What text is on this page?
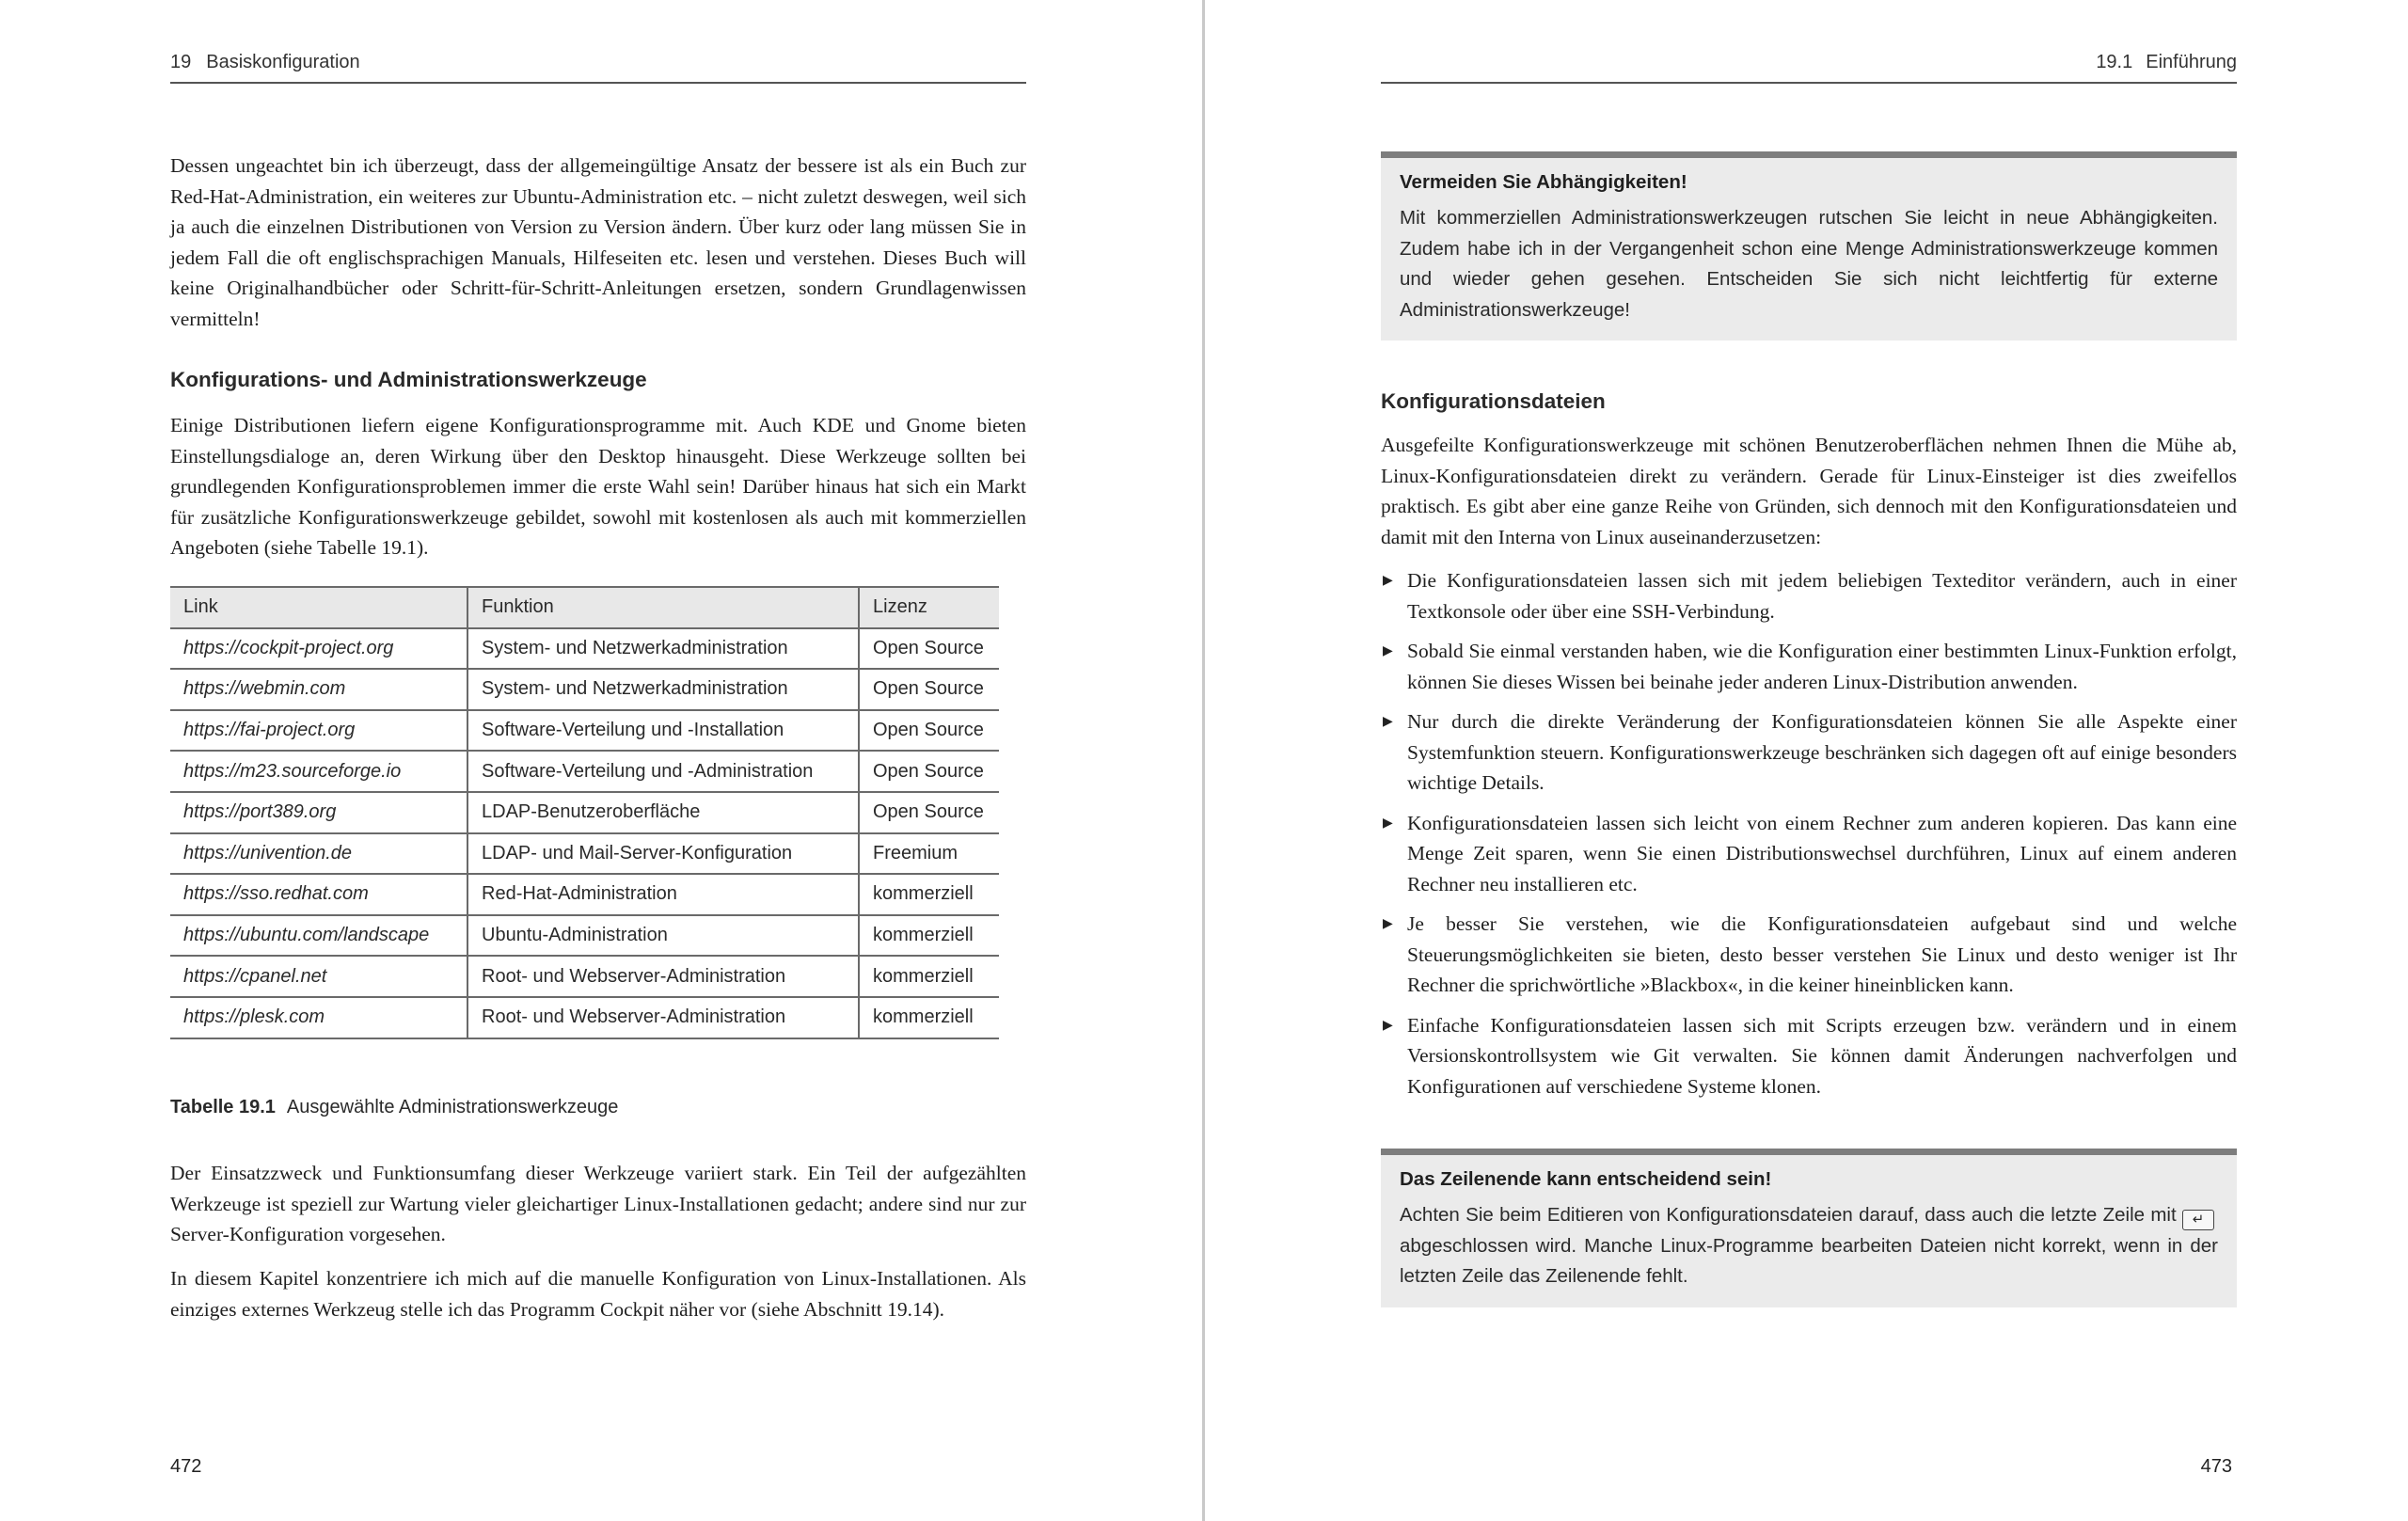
19 Basiskonfiguration

Dessen ungeachtet bin ich überzeugt, dass der allgemeingültige Ansatz der bessere ist als ein Buch zur Red-Hat-Administration, ein weiteres zur Ubuntu-Administration etc. – nicht zuletzt deswegen, weil sich ja auch die einzelnen Distributionen von Version zu Version ändern. Über kurz oder lang müssen Sie in jedem Fall die oft englischsprachigen Manuals, Hilfeseiten etc. lesen und verstehen. Dieses Buch will keine Originalhandbücher oder Schritt-für-Schritt-Anleitungen ersetzen, sondern Grundlagenwissen vermitteln!

Konfigurations- und Administrationswerkzeuge

Einige Distributionen liefern eigene Konfigurationsprogramme mit. Auch KDE und Gnome bieten Einstellungsdialoge an, deren Wirkung über den Desktop hinausgeht. Diese Werkzeuge sollten bei grundlegenden Konfigurationsproblemen immer die erste Wahl sein! Darüber hinaus hat sich ein Markt für zusätzliche Konfigurationswerkzeuge gebildet, sowohl mit kostenlosen als auch mit kommerziellen Angeboten (siehe Tabelle 19.1).

Link	Funktion	Lizenz
https://cockpit-project.org	System- und Netzwerkadministration	Open Source
https://webmin.com	System- und Netzwerkadministration	Open Source
https://fai-project.org	Software-Verteilung und -Installation	Open Source
https://m23.sourceforge.io	Software-Verteilung und -Administration	Open Source
https://port389.org	LDAP-Benutzeroberfläche	Open Source
https://univention.de	LDAP- und Mail-Server-Konfiguration	Freemium
https://sso.redhat.com	Red-Hat-Administration	kommerziell
https://ubuntu.com/landscape	Ubuntu-Administration	kommerziell
https://cpanel.net	Root- und Webserver-Administration	kommerziell
https://plesk.com	Root- und Webserver-Administration	kommerziell
Tabelle 19.1 Ausgewählte Administrationswerkzeuge

Der Einsatzzweck und Funktionsumfang dieser Werkzeuge variiert stark. Ein Teil der aufgezählten Werkzeuge ist speziell zur Wartung vieler gleichartiger Linux-Installationen gedacht; andere sind nur zur Server-Konfiguration vorgesehen.

In diesem Kapitel konzentriere ich mich auf die manuelle Konfiguration von Linux-Installationen. Als einziges externes Werkzeug stelle ich das Programm Cockpit näher vor (siehe Abschnitt 19.14).

472
19.1 Einführung

Vermeiden Sie Abhängigkeiten!

Mit kommerziellen Administrationswerkzeugen rutschen Sie leicht in neue Abhängigkeiten. Zudem habe ich in der Vergangenheit schon eine Menge Administrationswerkzeuge kommen und wieder gehen gesehen. Entscheiden Sie sich nicht leichtfertig für externe Administrationswerkzeuge!

Konfigurationsdateien

Ausgefeilte Konfigurationswerkzeuge mit schönen Benutzeroberflächen nehmen Ihnen die Mühe ab, Linux-Konfigurationsdateien direkt zu verändern. Gerade für Linux-Einsteiger ist dies zweifellos praktisch. Es gibt aber eine ganze Reihe von Gründen, sich dennoch mit den Konfigurationsdateien und damit mit den Interna von Linux auseinanderzusetzen:

▶ Die Konfigurationsdateien lassen sich mit jedem beliebigen Texteditor verändern, auch in einer Textkonsole oder über eine SSH-Verbindung.
▶ Sobald Sie einmal verstanden haben, wie die Konfiguration einer bestimmten Linux-Funktion erfolgt, können Sie dieses Wissen bei beinahe jeder anderen Linux-Distribution anwenden.
▶ Nur durch die direkte Veränderung der Konfigurationsdateien können Sie alle Aspekte einer Systemfunktion steuern. Konfigurationswerkzeuge beschränken sich dagegen oft auf einige besonders wichtige Details.
▶ Konfigurationsdateien lassen sich leicht von einem Rechner zum anderen kopieren. Das kann eine Menge Zeit sparen, wenn Sie einen Distributionswechsel durchführen, Linux auf einem anderen Rechner neu installieren etc.
▶ Je besser Sie verstehen, wie die Konfigurationsdateien aufgebaut sind und welche Steuerungsmöglichkeiten sie bieten, desto besser verstehen Sie Linux und desto weniger ist Ihr Rechner die sprichwörtliche »Blackbox«, in die keiner hineinblicken kann.
▶ Einfache Konfigurationsdateien lassen sich mit Scripts erzeugen bzw. verändern und in einem Versionskontrollsystem wie Git verwalten. Sie können damit Änderungen nachverfolgen und Konfigurationen auf verschiedene Systeme klonen.

Das Zeilenende kann entscheidend sein!

Achten Sie beim Editieren von Konfigurationsdateien darauf, dass auch die letzte Zeile mit ↵ abgeschlossen wird. Manche Linux-Programme bearbeiten Dateien nicht korrekt, wenn in der letzten Zeile das Zeilenende fehlt.

473
